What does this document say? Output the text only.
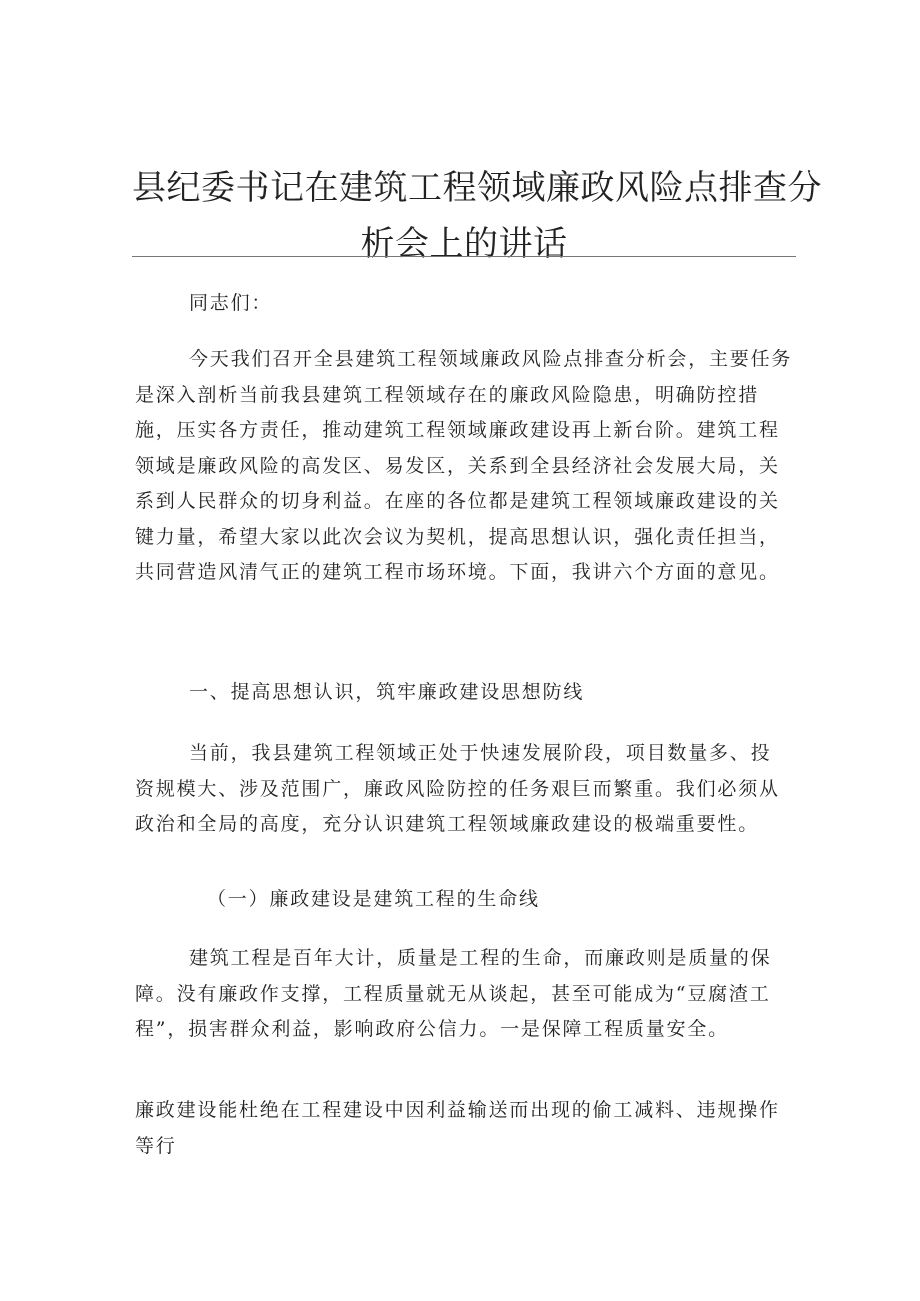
县纪委书记在建筑工程领域廉政风险点排查分
析会上的讲话

同志们：

今天我们召开全县建筑工程领域廉政风险点排查分析会，主要任务是深入剖析当前我县建筑工程领域存在的廉政风险隐患，明确防控措施，压实各方责任，推动建筑工程领域廉政建设再上新台阶。建筑工程领域是廉政风险的高发区、易发区，关系到全县经济社会发展大局，关系到人民群众的切身利益。在座的各位都是建筑工程领域廉政建设的关键力量，希望大家以此次会议为契机，提高思想认识，强化责任担当，共同营造风清气正的建筑工程市场环境。下面，我讲六个方面的意见。

一、提高思想认识，筑牢廉政建设思想防线

当前，我县建筑工程领域正处于快速发展阶段，项目数量多、投资规模大、涉及范围广，廉政风险防控的任务艰巨而繁重。我们必须从政治和全局的高度，充分认识建筑工程领域廉政建设的极端重要性。

（一）廉政建设是建筑工程的生命线

建筑工程是百年大计，质量是工程的生命，而廉政则是质量的保障。没有廉政作支撑，工程质量就无从谈起，甚至可能成为“豆腐渣工程”，损害群众利益，影响政府公信力。一是保障工程质量安全。

廉政建设能杜绝在工程建设中因利益输送而出现的偷工减料、违规操作等行
